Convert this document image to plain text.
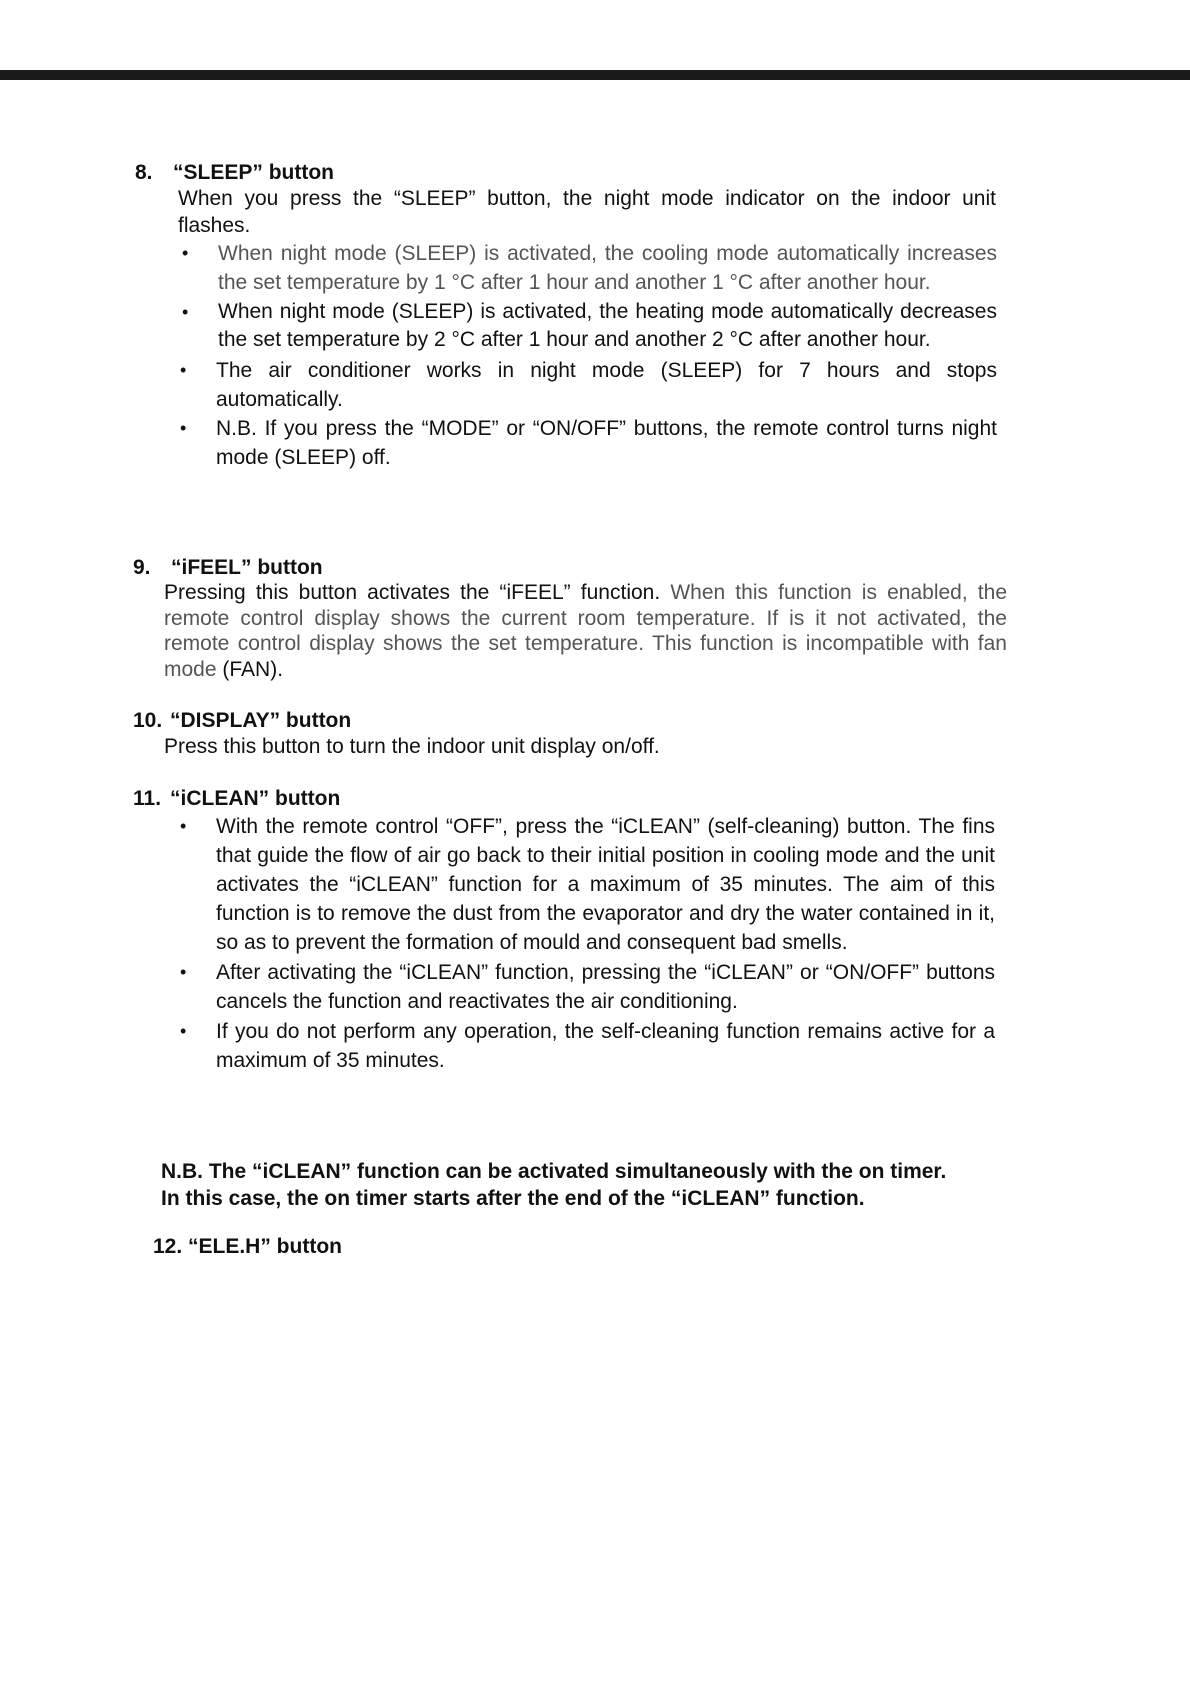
8. “SLEEP” button
When you press the “SLEEP” button, the night mode indicator on the indoor unit flashes.
• When night mode (SLEEP) is activated, the cooling mode automatically increases the set temperature by 1 °C after 1 hour and another 1 °C after another hour.
• When night mode (SLEEP) is activated, the heating mode automatically decreases the set temperature by 2 °C after 1 hour and another 2 °C after another hour.
• The air conditioner works in night mode (SLEEP) for 7 hours and stops automatically.
• N.B. If you press the “MODE” or “ON/OFF” buttons, the remote control turns night mode (SLEEP) off.
9. “iFEEL” button
Pressing this button activates the “iFEEL” function. When this function is enabled, the remote control display shows the current room temperature. If is it not activated, the remote control display shows the set temperature. This function is incompatible with fan mode (FAN).
10. “DISPLAY” button
Press this button to turn the indoor unit display on/off.
11. “iCLEAN” button
• With the remote control “OFF”, press the “iCLEAN” (self-cleaning) button. The fins that guide the flow of air go back to their initial position in cooling mode and the unit activates the “iCLEAN” function for a maximum of 35 minutes. The aim of this function is to remove the dust from the evaporator and dry the water contained in it, so as to prevent the formation of mould and consequent bad smells.
• After activating the “iCLEAN” function, pressing the “iCLEAN” or “ON/OFF” buttons cancels the function and reactivates the air conditioning.
• If you do not perform any operation, the self-cleaning function remains active for a maximum of 35 minutes.
N.B. The “iCLEAN” function can be activated simultaneously with the on timer.
In this case, the on timer starts after the end of the “iCLEAN” function.
12. “ELE.H” button
